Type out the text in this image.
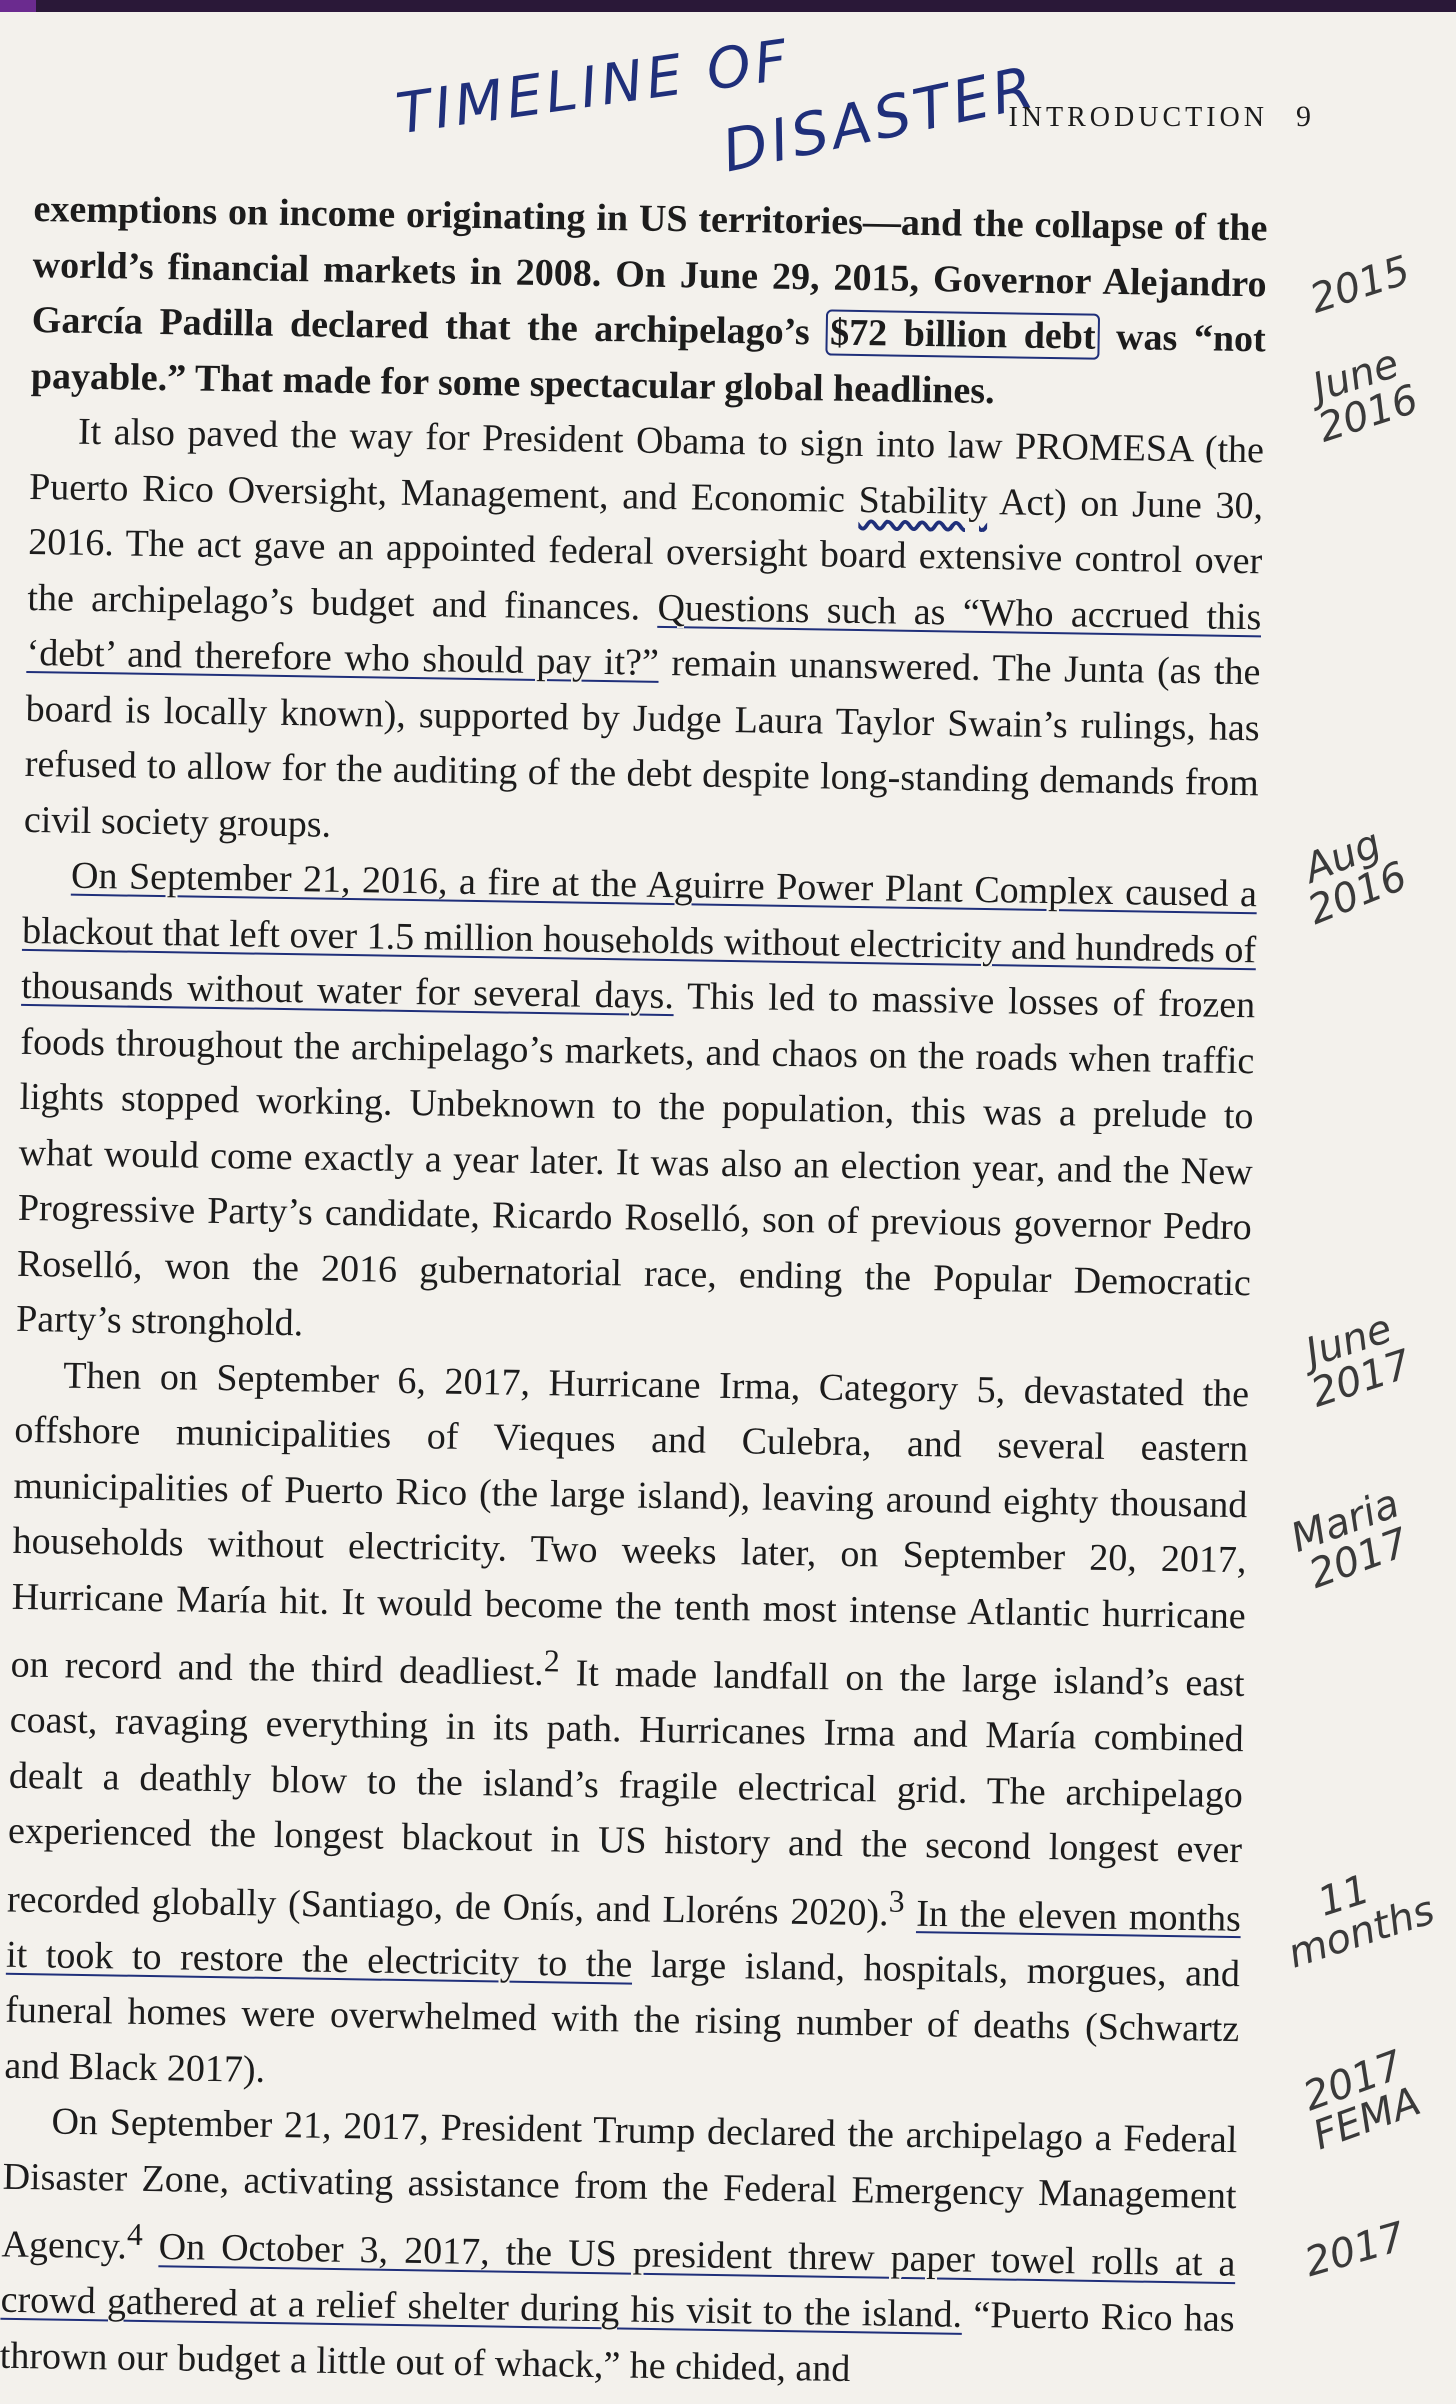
TIMELINE OF
DISASTER
INTRODUCTION 9

exemptions on income originating in US territories—and the collapse of the world’s financial markets in 2008. On June 29, 2015, Governor Alejandro García Padilla declared that the archipelago’s $72 billion debt was “not payable.” That made for some spectacular global headlines.

It also paved the way for President Obama to sign into law PROMESA (the Puerto Rico Oversight, Management, and Economic Stability Act) on June 30, 2016. The act gave an appointed federal oversight board extensive control over the archipelago’s budget and finances. Questions such as “Who accrued this ‘debt’ and therefore who should pay it?” remain unanswered. The Junta (as the board is locally known), supported by Judge Laura Taylor Swain’s rulings, has refused to allow for the auditing of the debt despite long-standing demands from civil society groups.

On September 21, 2016, a fire at the Aguirre Power Plant Complex caused a blackout that left over 1.5 million households without electricity and hundreds of thousands without water for several days. This led to massive losses of frozen foods throughout the archipelago’s markets, and chaos on the roads when traffic lights stopped working. Unbeknown to the population, this was a prelude to what would come exactly a year later. It was also an election year, and the New Progressive Party’s candidate, Ricardo Roselló, son of previous governor Pedro Roselló, won the 2016 gubernatorial race, ending the Popular Democratic Party’s stronghold.

Then on September 6, 2017, Hurricane Irma, Category 5, devastated the offshore municipalities of Vieques and Culebra, and several eastern municipalities of Puerto Rico (the large island), leaving around eighty thousand households without electricity. Two weeks later, on September 20, 2017, Hurricane María hit. It would become the tenth most intense Atlantic hurricane on record and the third deadliest.$^2$ It made landfall on the large island’s east coast, ravaging everything in its path. Hurricanes Irma and María combined dealt a deathly blow to the island’s fragile electrical grid. The archipelago experienced the longest blackout in US history and the second longest ever recorded globally (Santiago, de Onís, and Lloréns 2020).$^3$ In the eleven months it took to restore the electricity to the large island, hospitals, morgues, and funeral homes were overwhelmed with the rising number of deaths (Schwartz and Black 2017).

On September 21, 2017, President Trump declared the archipelago a Federal Disaster Zone, activating assistance from the Federal Emergency Management Agency.$^4$ On October 3, 2017, the US president threw paper towel rolls at a crowd gathered at a relief shelter during his visit to the island. “Puerto Rico has thrown our budget a little out of whack,” he chided, and

2015
June 2016
Aug 2016
June 2017
Maria 2017
11 months
2017 FEMA
2017
